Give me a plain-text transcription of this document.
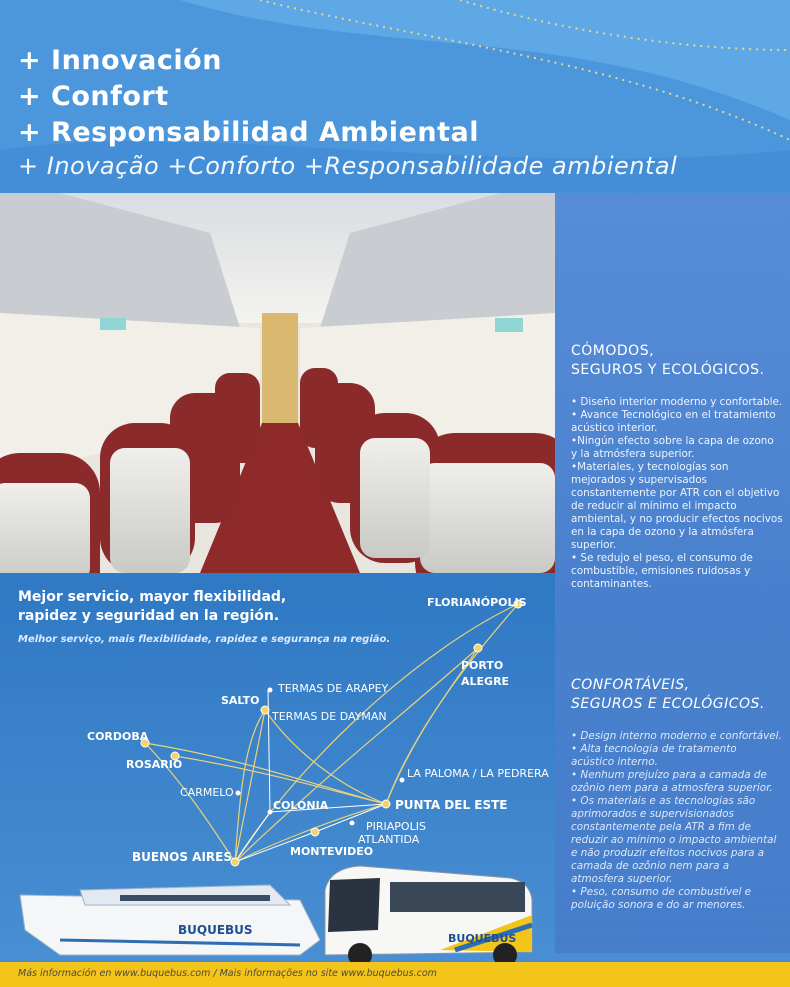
+ Innovación
+ Confort
+ Responsabilidad Ambiental
+ Inovação +Conforto +Responsabilidade ambiental
CÓMODOS,
SEGUROS Y ECOLÓGICOS.

• Diseño interior moderno y confortable.

• Avance Tecnológico en el tratamiento acústico interior.

•Ningún efecto sobre la capa de ozono y la atmósfera superior.

•Materiales, y tecnologías son mejorados y supervisados constantemente por ATR con el objetivo de reducir al mínimo el impacto ambiental, y no producir efectos nocivos en la capa de ozono y la atmósfera superior.

• Se redujo el peso, el consumo de combustible, emisiones ruidosas y contaminantes.

CONFORTÁVEIS,
SEGUROS E ECOLÓGICOS.

• Design interno moderno e confortável.

• Alta tecnologia de tratamento acústico interno.

• Nenhum prejuízo para a camada de ozônio nem para a atmosfera superior.

• Os materiais e as tecnologias são aprimorados e supervisionados constantemente pela ATR a fim de reduzir ao mínimo o impacto ambiental e não produzir efeitos nocivos para a camada de ozônio nem para a atmosfera superior.

• Peso, consumo de combustível e poluição sonora e do ar menores.

Mejor servicio, mayor flexibilidad,
rapidez y seguridad en la región.
Melhor serviço, mais flexibilidade, rapidez e segurança na região.
FLORIANÓPOLIS
PORTO
ALEGRE
SALTO
CORDOBA
ROSARIO
COLONIA	PUNTA DEL ESTE
BUENOS AIRES	MONTEVIDEO
TERMAS DE ARAPEY
TERMAS DE DAYMAN
LA PALOMA / LA PEDRERA
CARMELO
PIRIAPOLIS
ATLANTIDA
BUQUEBUS
BUQUEBUS
Más información en www.buquebus.com / Mais informações no site www.buquebus.com
